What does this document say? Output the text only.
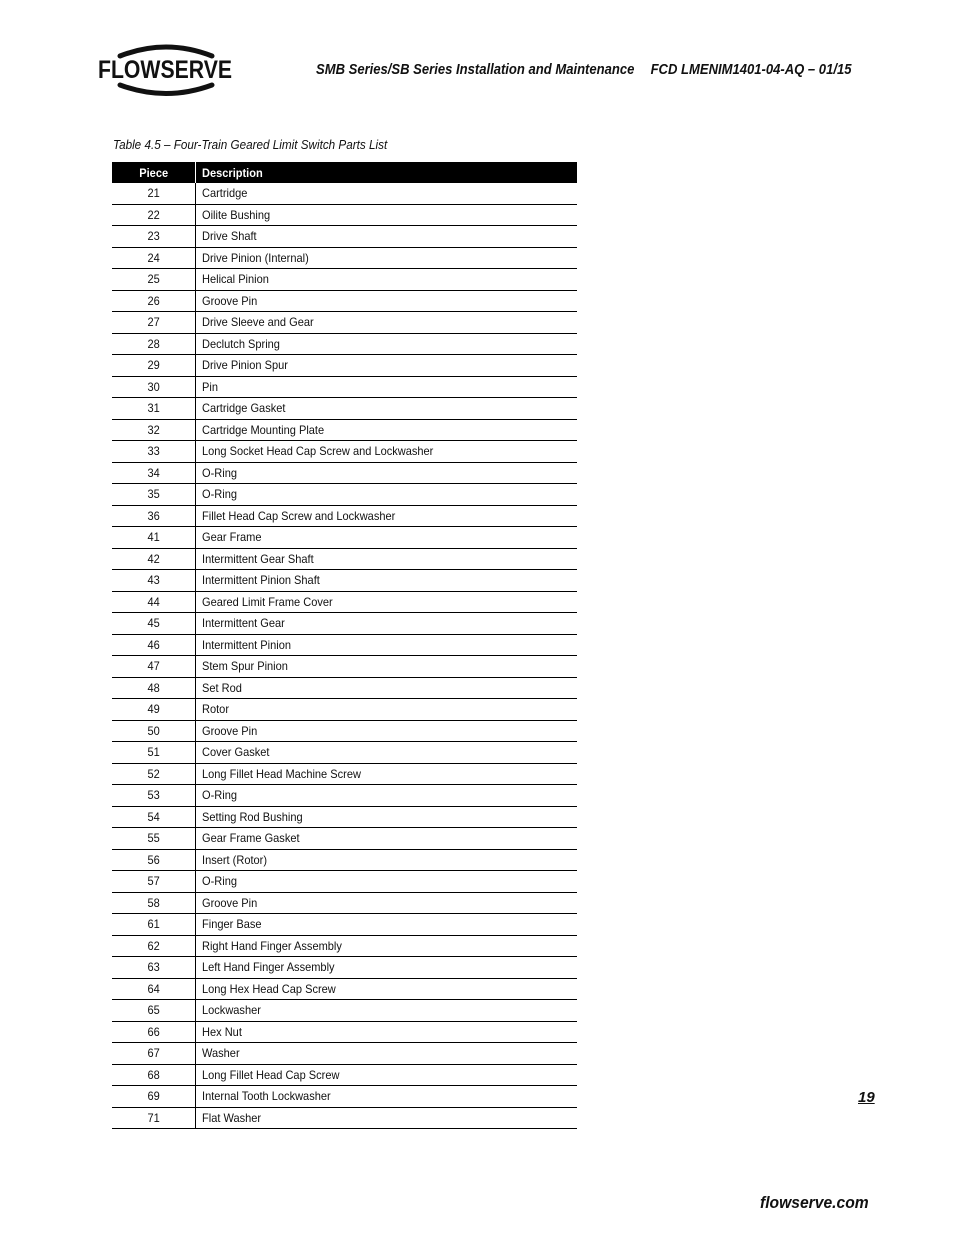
FLOWSERVE	SMB Series/SB Series Installation and Maintenance FCD LMENIM1401-04-AQ – 01/15
Table 4.5 – Four-Train Geared Limit Switch Parts List
Piece	Description
21	Cartridge
22	Oilite Bushing
23	Drive Shaft
24	Drive Pinion (Internal)
25	Helical Pinion
26	Groove Pin
27	Drive Sleeve and Gear
28	Declutch Spring
29	Drive Pinion Spur
30	Pin
31	Cartridge Gasket
32	Cartridge Mounting Plate
33	Long Socket Head Cap Screw and Lockwasher
34	O-Ring
35	O-Ring
36	Fillet Head Cap Screw and Lockwasher
41	Gear Frame
42	Intermittent Gear Shaft
43	Intermittent Pinion Shaft
44	Geared Limit Frame Cover
45	Intermittent Gear
46	Intermittent Pinion
47	Stem Spur Pinion
48	Set Rod
49	Rotor
50	Groove Pin
51	Cover Gasket
52	Long Fillet Head Machine Screw
53	O-Ring
54	Setting Rod Bushing
55	Gear Frame Gasket
56	Insert (Rotor)
57	O-Ring
58	Groove Pin
61	Finger Base
62	Right Hand Finger Assembly
63	Left Hand Finger Assembly
64	Long Hex Head Cap Screw
65	Lockwasher
66	Hex Nut
67	Washer
68	Long Fillet Head Cap Screw
69	Internal Tooth Lockwasher
71	Flat Washer
19
flowserve.com
